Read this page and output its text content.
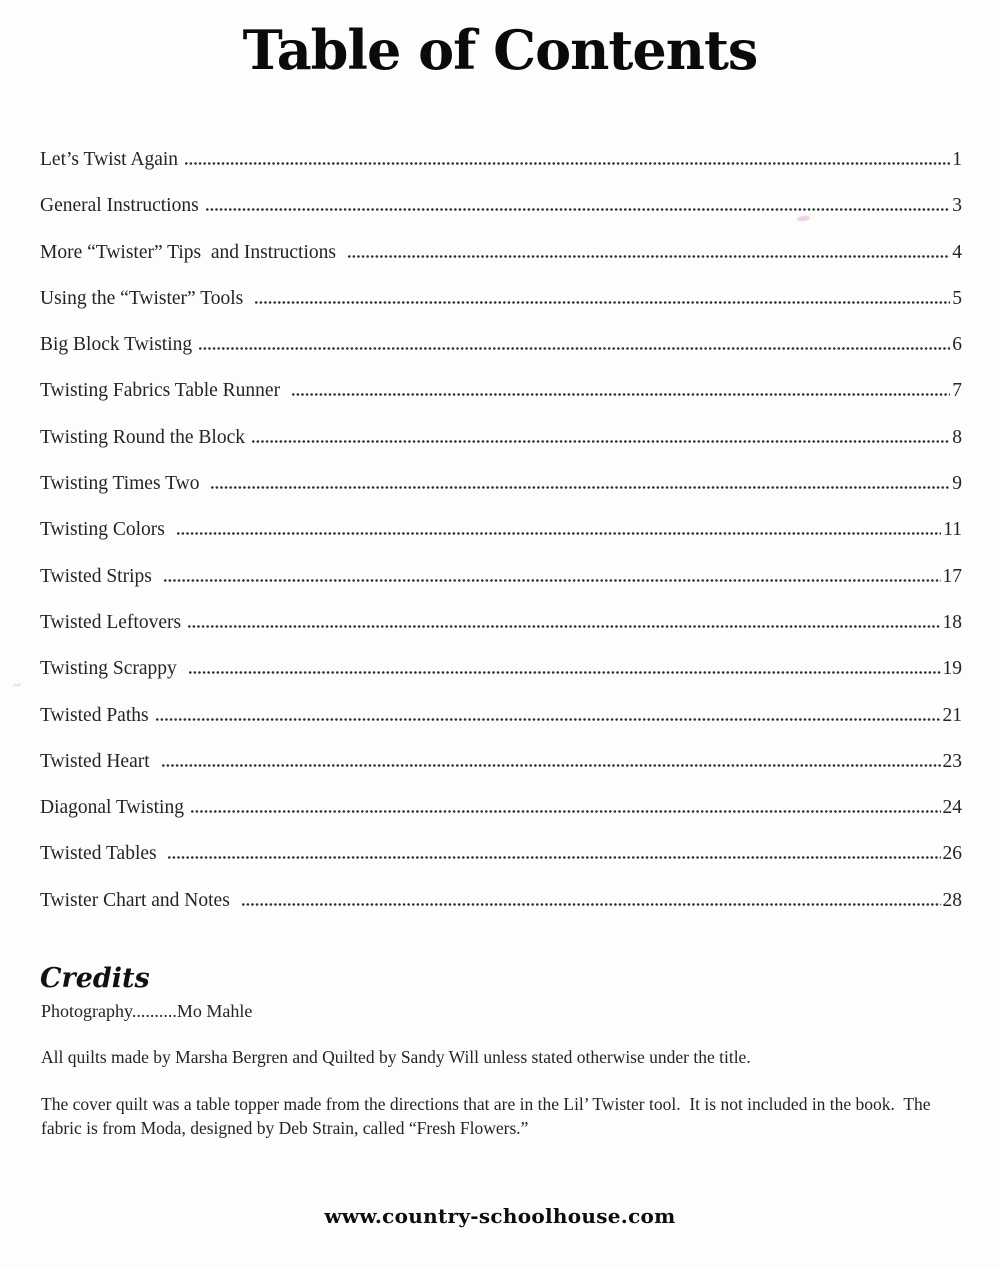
Table of Contents
Let’s Twist Again	1
General Instructions	3
More “Twister” Tips  and Instructions	4
Using the “Twister” Tools	5
Big Block Twisting	6
Twisting Fabrics Table Runner	7
Twisting Round the Block	8
Twisting Times Two	9
Twisting Colors	11
Twisted Strips	17
Twisted Leftovers	18
Twisting Scrappy	19
Twisted Paths	21
Twisted Heart	23
Diagonal Twisting	24
Twisted Tables	26
Twister Chart and Notes	28
Credits

Photography..........Mo Mahle

All quilts made by Marsha Bergren and Quilted by Sandy Will unless stated otherwise under the title.

The cover quilt was a table topper made from the directions that are in the Lil’ Twister tool.  It is not included in the book.  The fabric is from Moda, designed by Deb Strain, called “Fresh Flowers.”

www.country-schoolhouse.com
~
